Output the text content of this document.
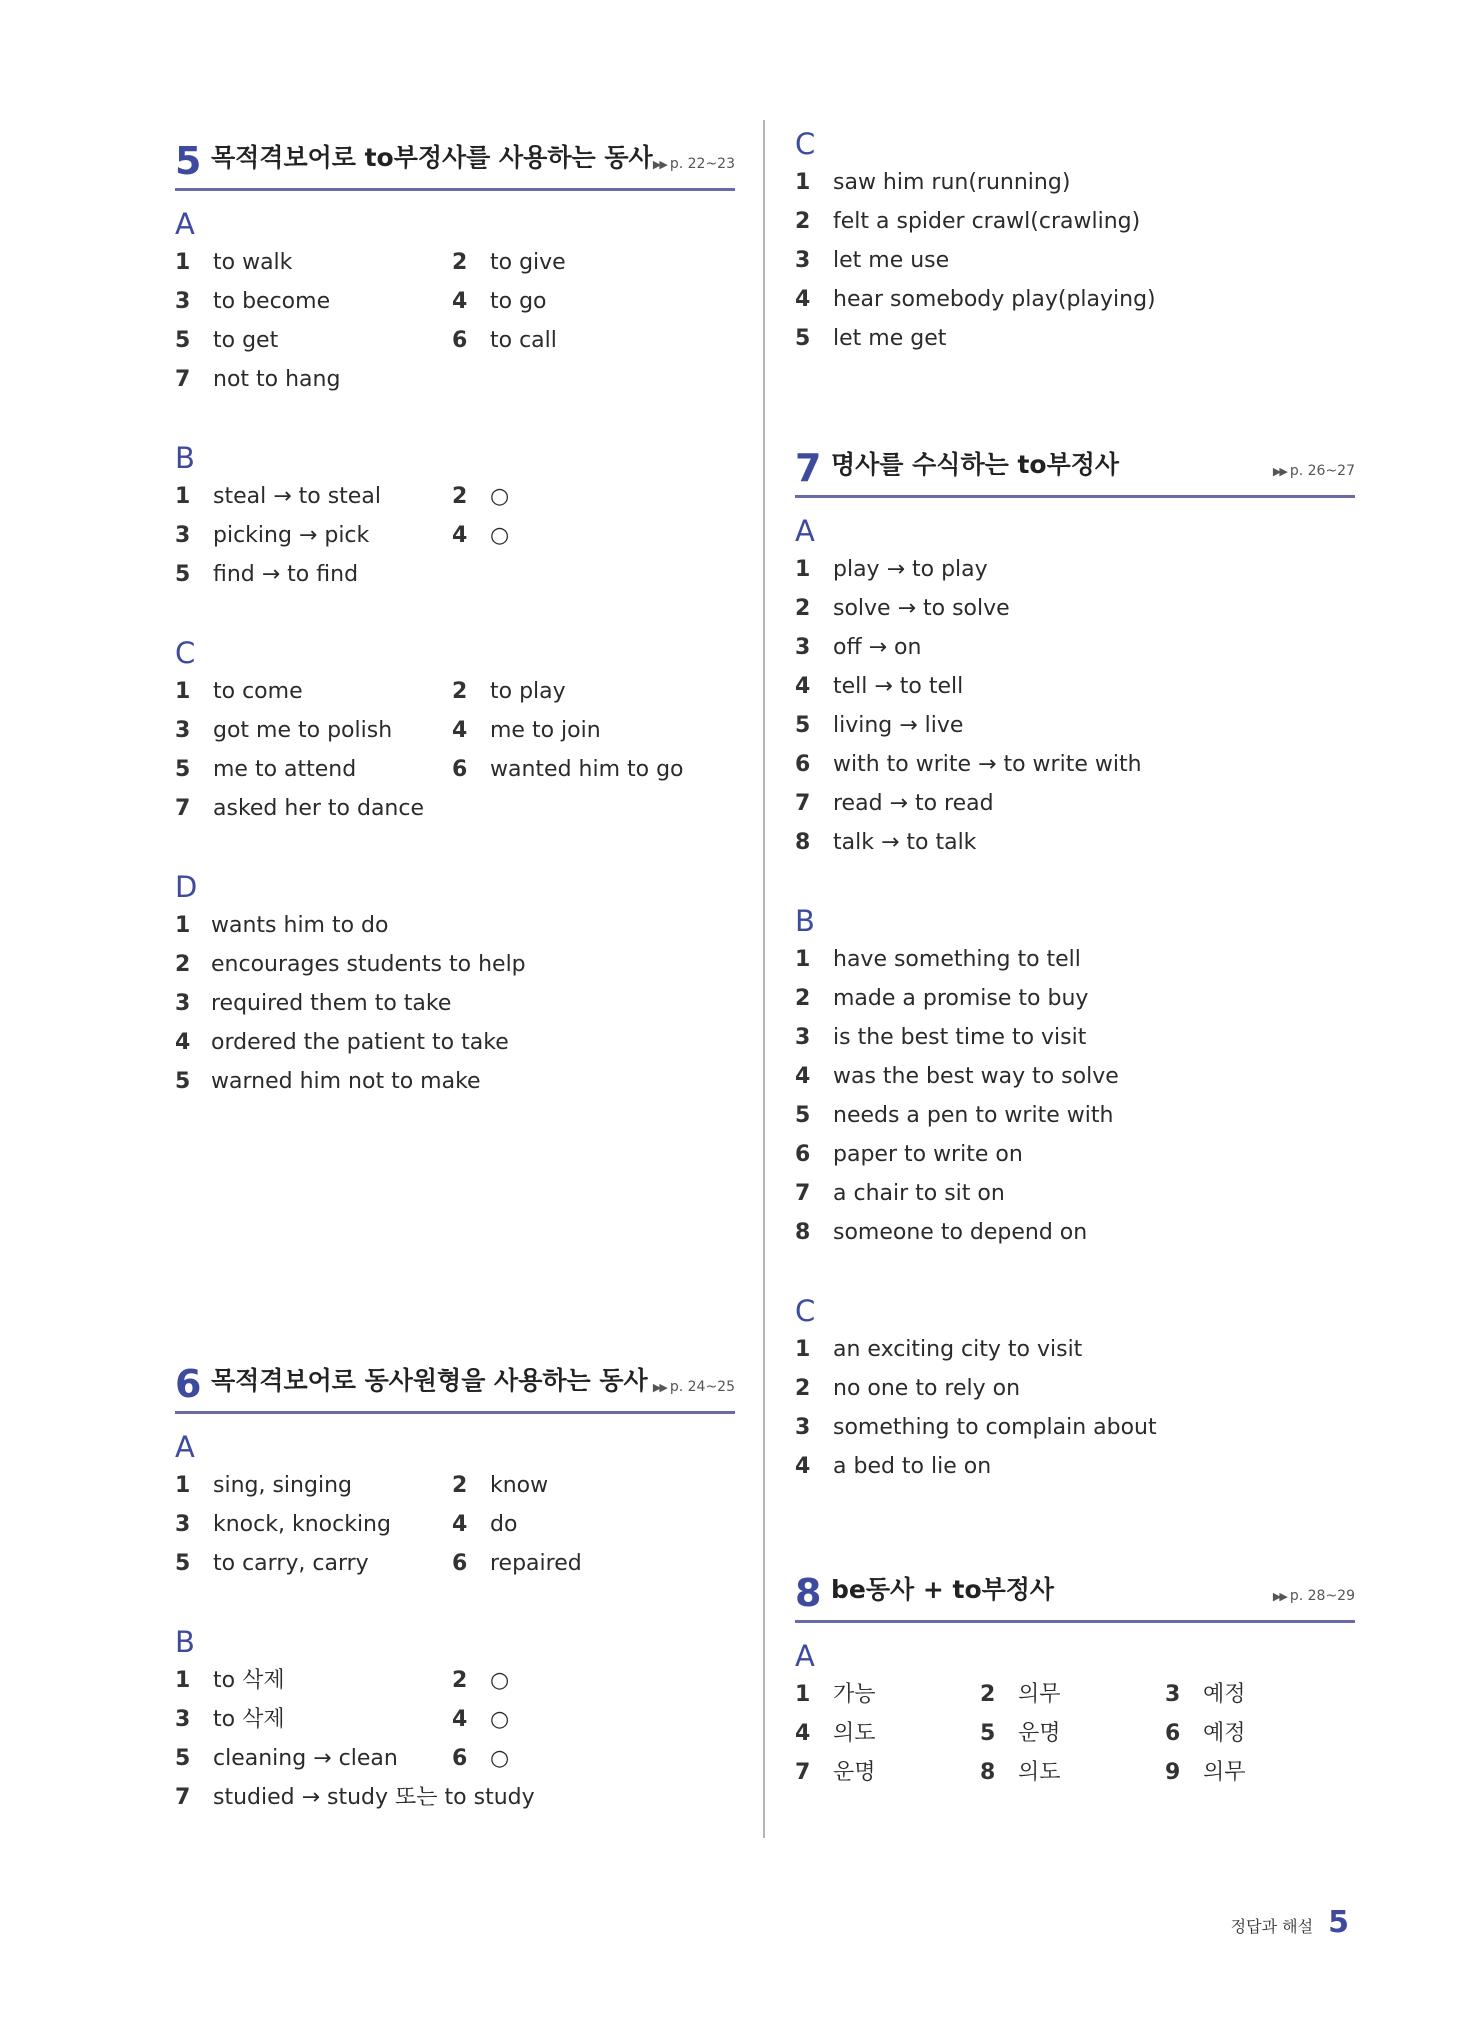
5 목적격보어로 to부정사를 사용하는 동사 ▶▶ p. 22~23
A
1 to walk	2 to give
3 to become	4 to go
5 to get	6 to call
7 not to hang
B
1 steal → to steal	2 ○
3 picking → pick	4 ○
5 find → to find
C
1 to come	2 to play
3 got me to polish	4 me to join
5 me to attend	6 wanted him to go
7 asked her to dance
D
1 wants him to do
2 encourages students to help
3 required them to take
4 ordered the patient to take
5 warned him not to make
6 목적격보어로 동사원형을 사용하는 동사 ▶▶ p. 24~25
A
1 sing, singing	2 know
3 knock, knocking	4 do
5 to carry, carry	6 repaired
B
1 to 삭제	2 ○
3 to 삭제	4 ○
5 cleaning → clean 6 ○
7 studied → study 또는 to study
C
1 saw him run(running)
2 felt a spider crawl(crawling)
3 let me use
4 hear somebody play(playing)
5 let me get
7 명사를 수식하는 to부정사	▶▶ p. 26~27
A
1 play → to play
2 solve → to solve
3 off → on
4 tell → to tell
5 living → live
6 with to write → to write with
7 read → to read
8 talk → to talk
B
1 have something to tell
2 made a promise to buy
3 is the best time to visit
4 was the best way to solve
5 needs a pen to write with
6 paper to write on
7 a chair to sit on
8 someone to depend on
C
1 an exciting city to visit
2 no one to rely on
3 something to complain about
4 a bed to lie on
8 be동사 + to부정사	▶▶ p. 28~29
A
1 가능	2 의무	3 예정
4 의도	5 운명	6 예정
7 운명	8 의도	9 의무
정답과 해설 5
